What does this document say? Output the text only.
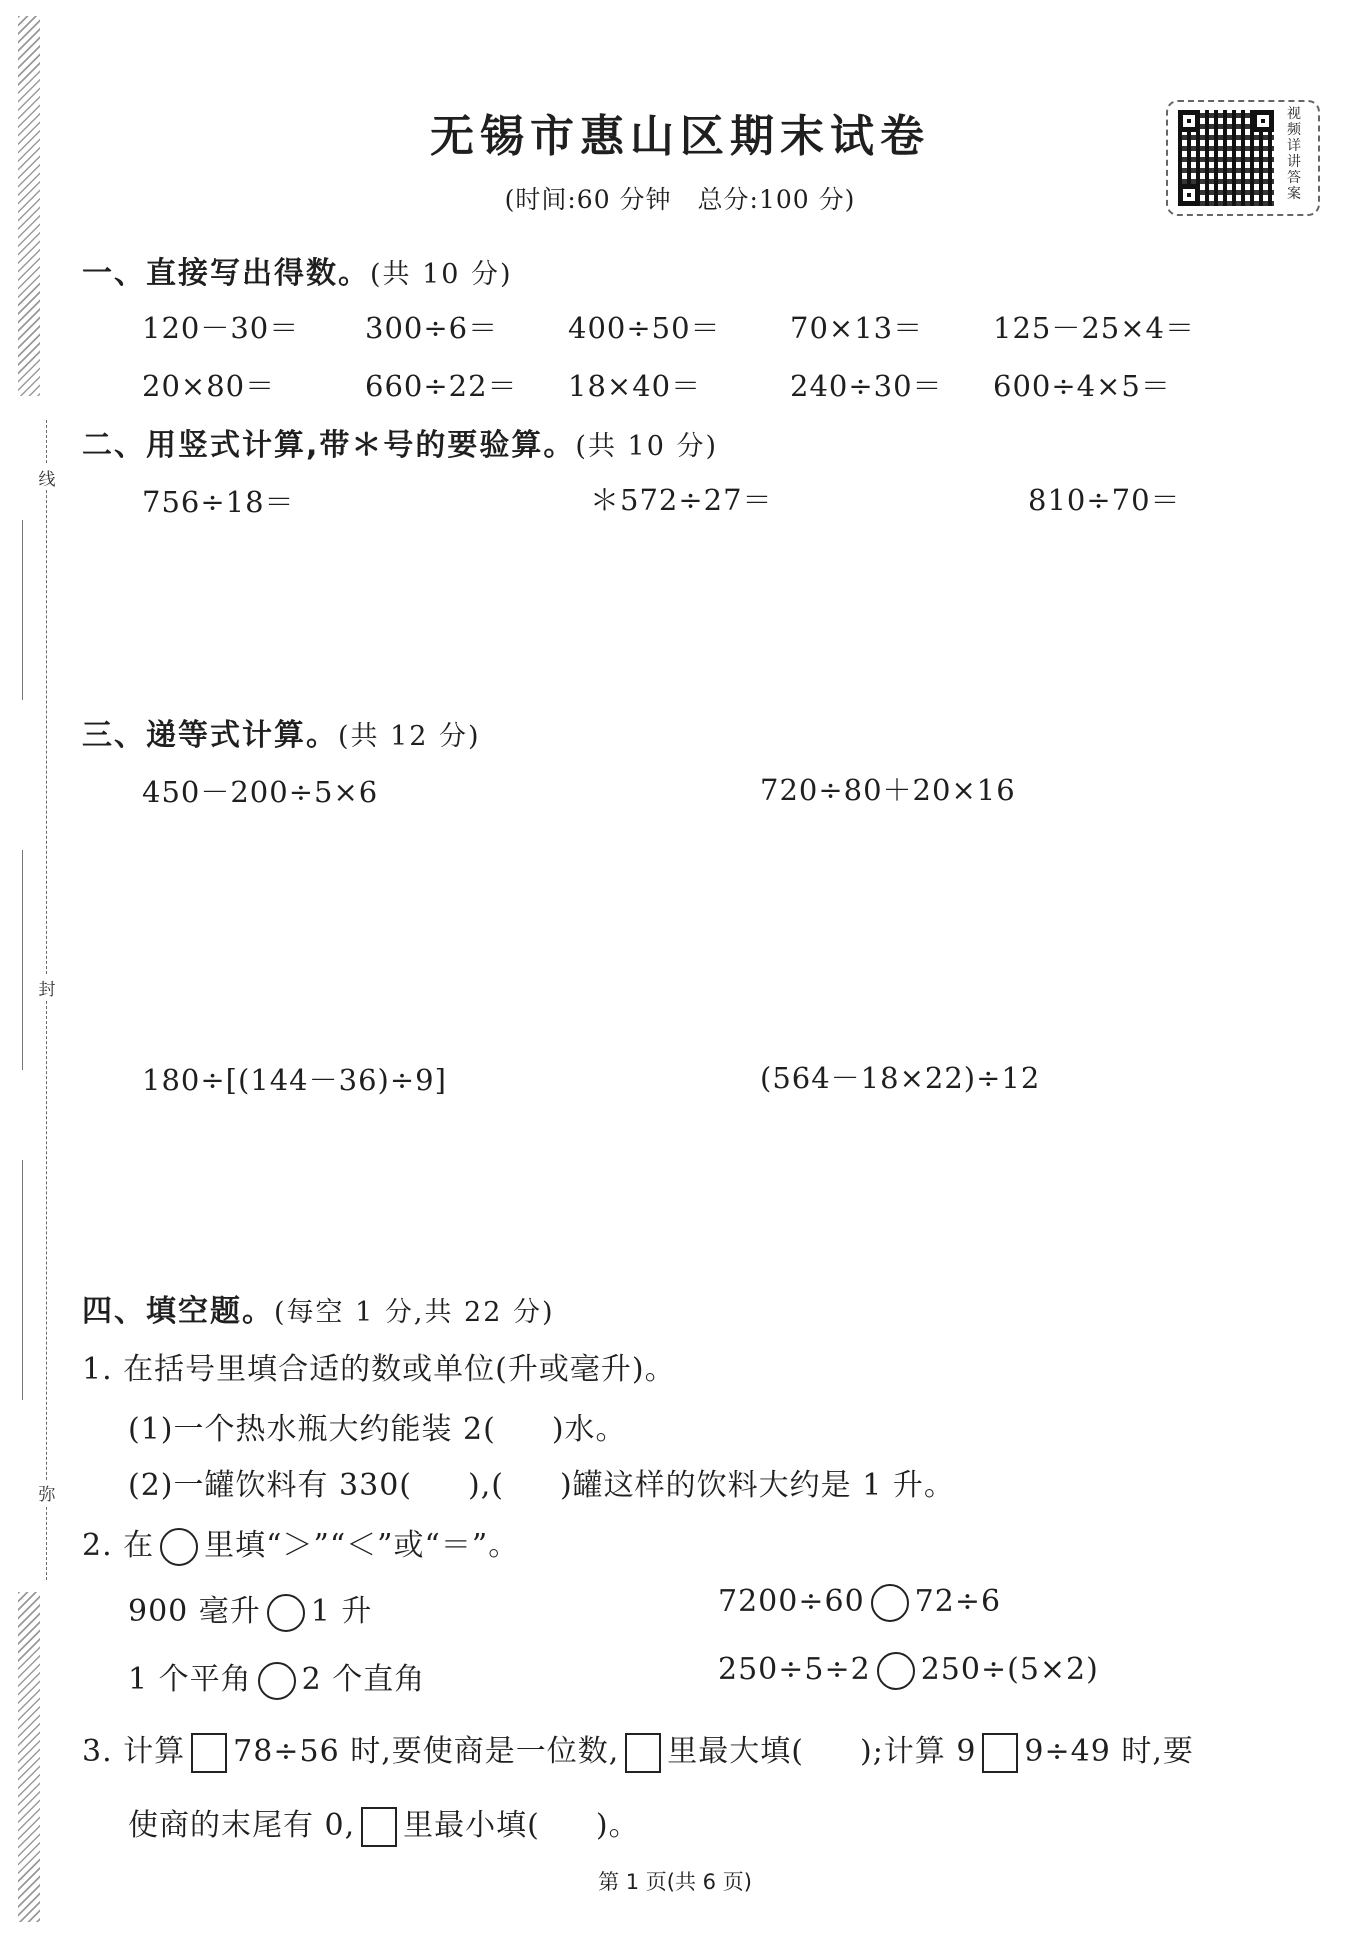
线
封
弥
无锡市惠山区期末试卷
(时间:60 分钟　总分:100 分)
视
频
详
讲
答
案
一、直接写出得数。(共 10 分)
120－30＝ 300÷6＝ 400÷50＝ 70×13＝ 125－25×4＝
20×80＝	660÷22＝ 18×40＝	240÷30＝ 600÷4×5＝
二、用竖式计算,带＊号的要验算。(共 10 分)
756÷18＝	＊572÷27＝	810÷70＝
三、递等式计算。(共 12 分)
450－200÷5×6	720÷80＋20×16
180÷[(144－36)÷9]	(564－18×22)÷12
四、填空题。(每空 1 分,共 22 分)
1. 在括号里填合适的数或单位(升或毫升)。
(1)一个热水瓶大约能装 2( )水。
(2)一罐饮料有 330( ),( )罐这样的饮料大约是 1 升。
2. 在 里填“＞”“＜”或“＝”。
900 毫升 1 升	7200÷60 72÷6
1 个平角 2 个直角	250÷5÷2 250÷(5×2)
3. 计算 78÷56 时,要使商是一位数, 里最大填( );计算 9 9÷49 时,要
使商的末尾有 0, 里最小填( )。
第 1 页(共 6 页)
